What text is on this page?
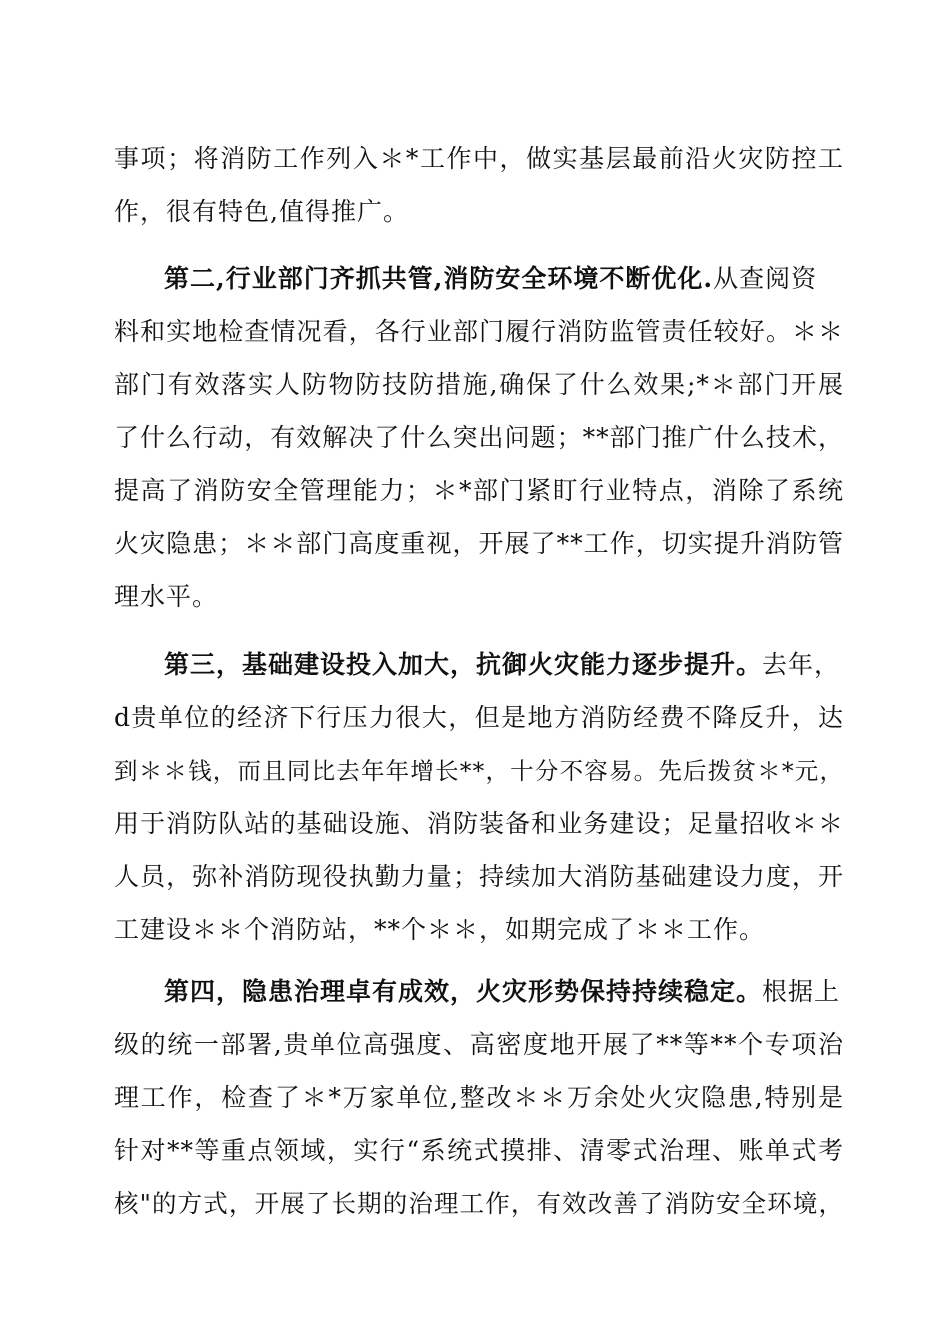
事项；将消防工作列入＊*工作中，做实基层最前沿火灾防控工
作，很有特色,值得推广。
第二,行业部门齐抓共管,消防安全环境不断优化.从查阅资
料和实地检查情况看，各行业部门履行消防监管责任较好。＊＊
部门有效落实人防物防技防措施,确保了什么效果;*＊部门开展
了什么行动，有效解决了什么突出问题；**部门推广什么技术，
提高了消防安全管理能力；＊*部门紧盯行业特点，消除了系统
火灾隐患；＊＊部门高度重视，开展了**工作，切实提升消防管
理水平。
第三，基础建设投入加大，抗御火灾能力逐步提升。去年，
d贵单位的经济下行压力很大，但是地方消防经费不降反升，达
到＊＊钱，而且同比去年年增长**，十分不容易。先后拨贫＊*元，
用于消防队站的基础设施、消防装备和业务建设；足量招收＊＊
人员，弥补消防现役执勤力量；持续加大消防基础建设力度，开
工建设＊＊个消防站，**个＊＊，如期完成了＊＊工作。
第四，隐患治理卓有成效，火灾形势保持持续稳定。根据上
级的统一部署,贵单位高强度、高密度地开展了**等**个专项治
理工作，检查了＊*万家单位,整改＊＊万余处火灾隐患,特别是
针对**等重点领域，实行“系统式摸排、清零式治理、账单式考
核"的方式，开展了长期的治理工作，有效改善了消防安全环境，
